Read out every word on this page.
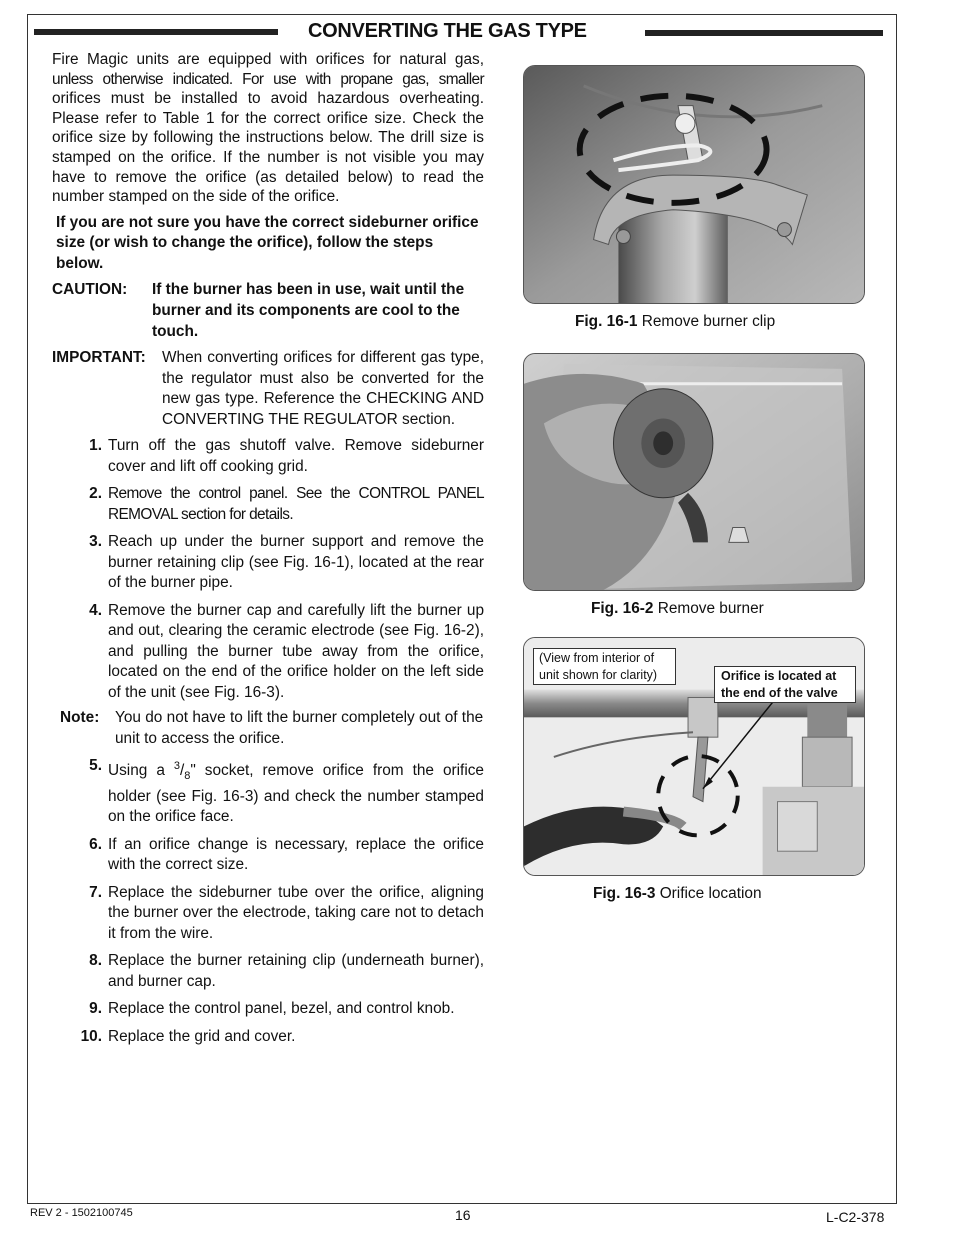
CONVERTING THE GAS TYPE

Fire Magic units are equipped with orifices for natural gas, unless otherwise indicated. For use with propane gas, smaller orifices must be installed to avoid hazardous overheating. Please refer to Table 1 for the correct orifice size. Check the orifice size by following the instructions below. The drill size is stamped on the orifice. If the number is not visible you may have to remove the orifice (as detailed below) to read the number stamped on the side of the orifice.

If you are not sure you have the correct sideburner orifice size (or wish to change the orifice), follow the steps below.
CAUTION:	If the burner has been in use, wait until the burner and its components are cool to the touch.
IMPORTANT:	When converting orifices for different gas type, the regulator must also be converted for the new gas type. Reference the CHECKING AND CONVERTING THE REGULATOR section.
1. Turn off the gas shutoff valve. Remove sideburner cover and lift off cooking grid.
2. Remove the control panel. See the CONTROL PANEL REMOVAL section for details.
3. Reach up under the burner support and remove the burner retaining clip (see Fig. 16-1), located at the rear of the burner pipe.
4. Remove the burner cap and carefully lift the burner up and out, clearing the ceramic electrode (see Fig. 16-2), and pulling the burner tube away from the orifice, located on the end of the orifice holder on the left side of the unit (see Fig. 16-3).
Note:	You do not have to lift the burner completely out of the unit to access the orifice.
5. Using a $^3/_8$" socket, remove orifice from the orifice holder (see Fig. 16-3) and check the number stamped on the orifice face.
6. If an orifice change is necessary, replace the orifice with the correct size.
7. Replace the sideburner tube over the orifice, aligning the burner over the electrode, taking care not to detach it from the wire.
8. Replace the burner retaining clip (underneath burner), and burner cap.
9. Replace the control panel, bezel, and control knob.
10. Replace the grid and cover.
Fig. 16-1 Remove burner clip
Fig. 16-2 Remove burner
(View from interior of unit shown for clarity)	Orifice is located at the end of the valve
Fig. 16-3 Orifice location
REV 2 - 1502100745	16	L-C2-378
